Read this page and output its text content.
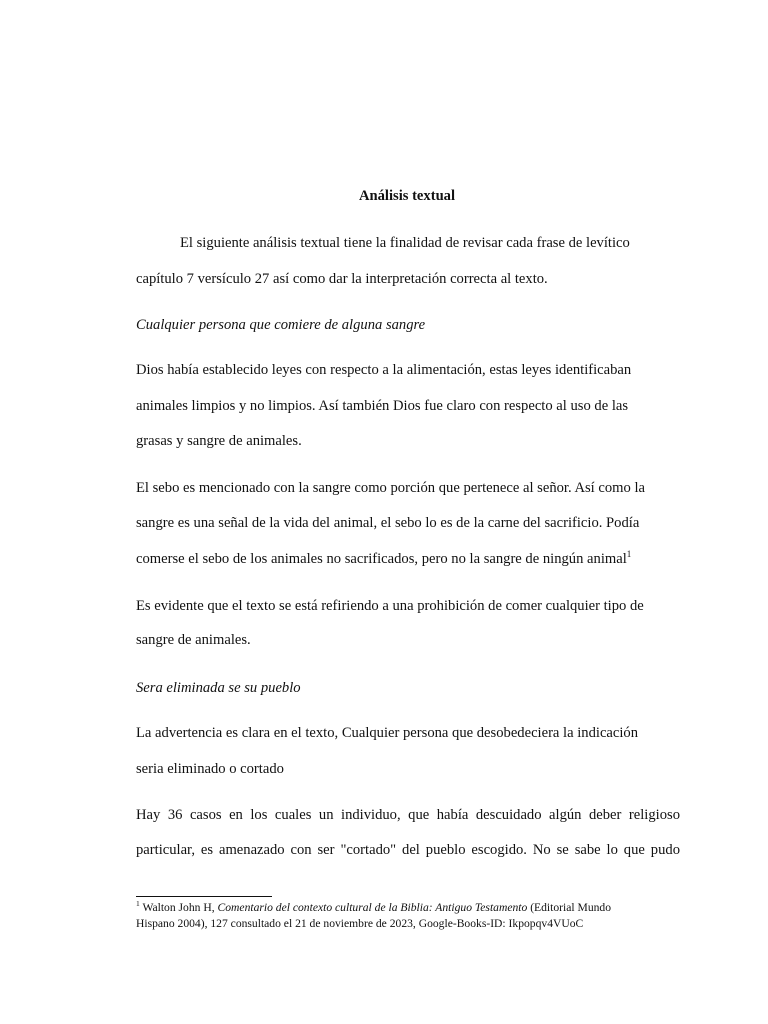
Análisis textual
El siguiente análisis textual tiene la finalidad de revisar cada frase de levítico
capítulo 7 versículo 27 así como dar la interpretación correcta al texto.
Cualquier persona que comiere de alguna sangre
Dios había establecido leyes con respecto a la alimentación, estas leyes identificaban
animales limpios y no limpios. Así también Dios fue claro con respecto al uso de las
grasas y sangre de animales.
El sebo es mencionado con la sangre como porción que pertenece al señor. Así como la
sangre es una señal de la vida del animal, el sebo lo es de la carne del sacrificio. Podía
comerse el sebo de los animales no sacrificados, pero no la sangre de ningún animal$^1$
Es evidente que el texto se está refiriendo a una prohibición de comer cualquier tipo de
sangre de animales.
Sera eliminada se su pueblo
La advertencia es clara en el texto, Cualquier persona que desobedeciera la indicación
seria eliminado o cortado
Hay 36 casos en los cuales un individuo, que había descuidado algún deber religioso
particular, es amenazado con ser "cortado" del pueblo escogido. No se sabe lo que pudo
$^1$ Walton John H, Comentario del contexto cultural de la Biblia: Antiguo Testamento (Editorial Mundo
Hispano 2004), 127 consultado el 21 de noviembre de 2023, Google-Books-ID: Ikpopqv4VUoC
